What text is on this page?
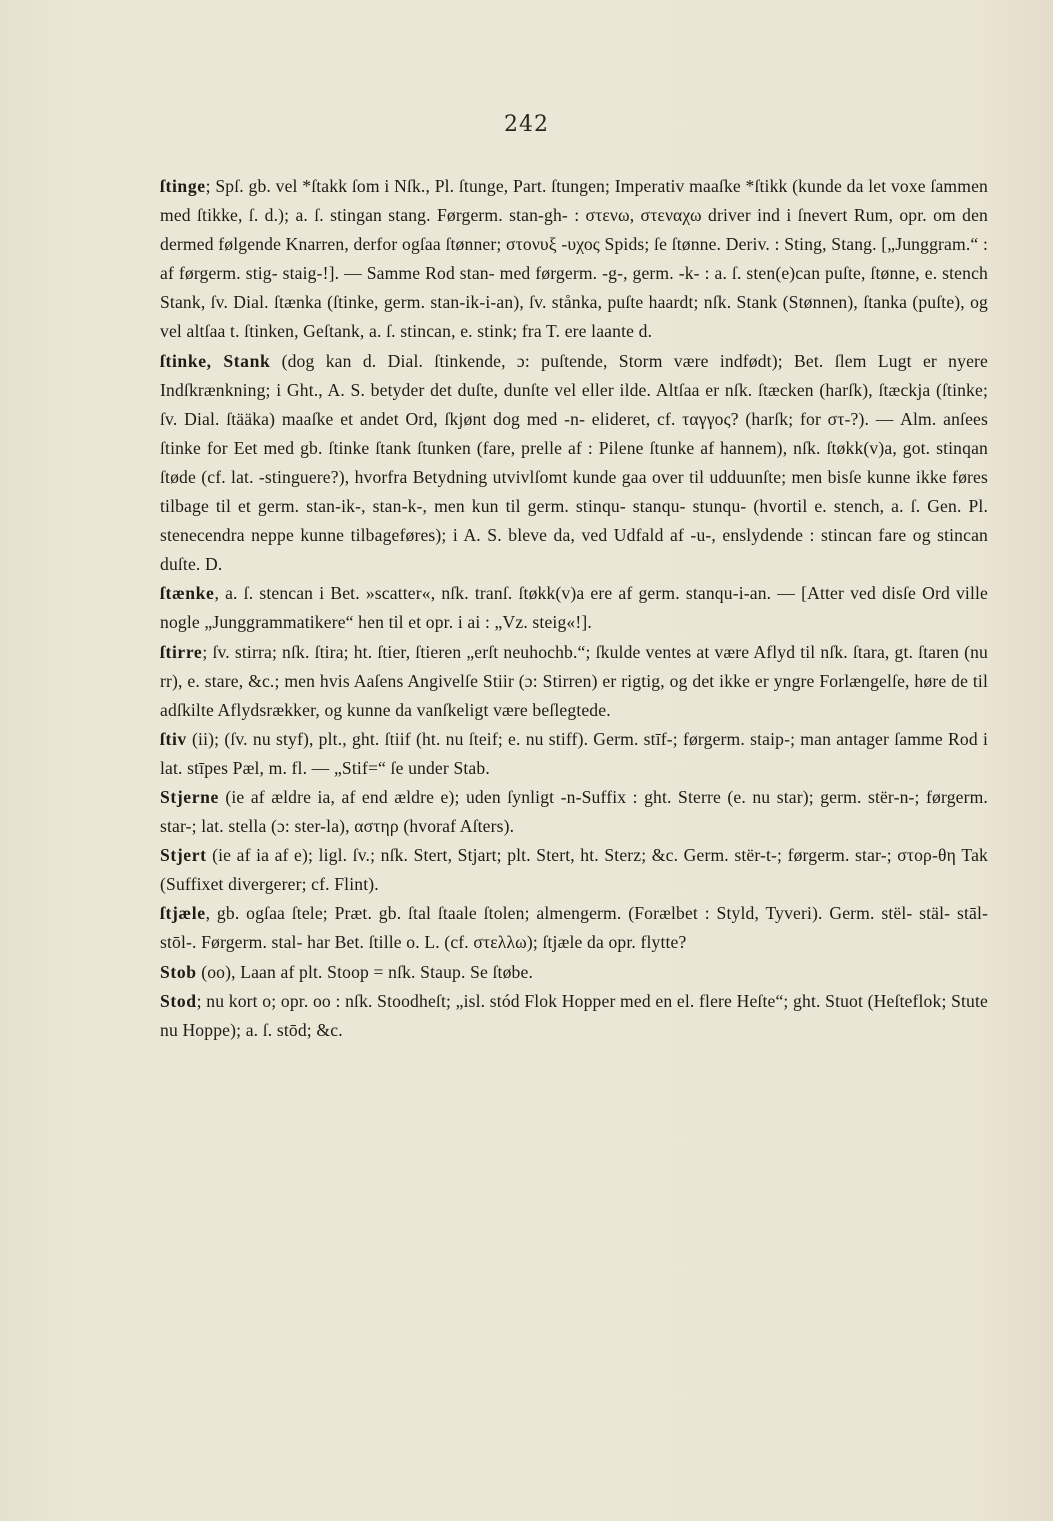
242

ſtinge; Spſ. gb. vel *ſtakk ſom i Nſk., Pl. ſtunge, Part. ſtungen; Imperativ maaſke *ſtikk (kunde da let voxe ſammen med ſtikke, ſ. d.); a. ſ. stingan stang. Førgerm. stan-gh- : στενω, στεναχω driver ind i ſnevert Rum, opr. om den dermed følgende Knarren, derfor ogſaa ſtønner; στονυξ -υχος Spids; ſe ſtønne. Deriv. : Sting, Stang. [„Junggram.“ : af førgerm. stig- staig-!]. — Samme Rod stan- med førgerm. -g-, germ. -k- : a. ſ. sten(e)can puſte, ſtønne, e. stench Stank, ſv. Dial. ſtænka (ſtinke, germ. stan-ik-i-an), ſv. stånka, puſte haardt; nſk. Stank (Stønnen), ſtanka (puſte), og vel altſaa t. ſtinken, Geſtank, a. ſ. stincan, e. stink; fra T. ere laante d.

ſtinke, Stank (dog kan d. Dial. ſtinkende, ɔ: puſtende, Storm være indfødt); Bet. ſlem Lugt er nyere Indſkrænkning; i Ght., A. S. betyder det duſte, dunſte vel eller ilde. Altſaa er nſk. ſtæcken (harſk), ſtæckja (ſtinke; ſv. Dial. ſtääka) maaſke et andet Ord, ſkjønt dog med -n- elideret, cf. ταγγος? (harſk; for στ-?). — Alm. anſees ſtinke for Eet med gb. ſtinke ſtank ſtunken (fare, prelle af : Pilene ſtunke af hannem), nſk. ſtøkk(v)a, got. stinqan ſtøde (cf. lat. -stinguere?), hvorfra Betydning utvivlſomt kunde gaa over til udduunſte; men bisſe kunne ikke føres tilbage til et germ. stan-ik-, stan-k-, men kun til germ. stinqu- stanqu- stunqu- (hvortil e. stench, a. ſ. Gen. Pl. stenecendra neppe kunne tilbageføres); i A. S. bleve da, ved Udfald af -u-, enslydende : stincan fare og stincan duſte. D.

ſtænke, a. ſ. stencan i Bet. »scatter«, nſk. tranſ. ſtøkk(v)a ere af germ. stanqu-i-an. — [Atter ved disſe Ord ville nogle „Junggrammatikere“ hen til et opr. i ai : „Vz. steig«!].

ſtirre; ſv. stirra; nſk. ſtira; ht. ſtier, ſtieren „erſt neuhochb.“; ſkulde ventes at være Aflyd til nſk. ſtara, gt. ſtaren (nu rr), e. stare, &c.; men hvis Aaſens Angivelſe Stiir (ɔ: Stirren) er rigtig, og det ikke er yngre Forlængelſe, høre de til adſkilte Aflydsrækker, og kunne da vanſkeligt være beſlegtede.

ſtiv (ii); (ſv. nu styf), plt., ght. ſtiif (ht. nu ſteif; e. nu stiff). Germ. stīf-; førgerm. staip-; man antager ſamme Rod i lat. stīpes Pæl, m. fl. — „Stif=“ ſe under Stab.

Stjerne (ie af ældre ia, af end ældre e); uden ſynligt -n-Suffix : ght. Sterre (e. nu star); germ. stër-n-; førgerm. star-; lat. stella (ɔ: ster-la), αστηρ (hvoraf Aſters).

Stjert (ie af ia af e); ligl. ſv.; nſk. Stert, Stjart; plt. Stert, ht. Sterz; &c. Germ. stër-t-; førgerm. star-; στορ-θη Tak (Suffixet divergerer; cf. Flint).

ſtjæle, gb. ogſaa ſtele; Præt. gb. ſtal ſtaale ſtolen; almengerm. (Forælbet : Styld, Tyveri). Germ. stël- stäl- stāl- stōl-. Førgerm. stal- har Bet. ſtille o. L. (cf. στελλω); ſtjæle da opr. flytte?

Stob (oo), Laan af plt. Stoop = nſk. Staup. Se ſtøbe.

Stod; nu kort o; opr. oo : nſk. Stoodheſt; „isl. stód Flok Hopper med en el. flere Heſte“; ght. Stuot (Heſteflok; Stute nu Hoppe); a. ſ. stōd; &c.
